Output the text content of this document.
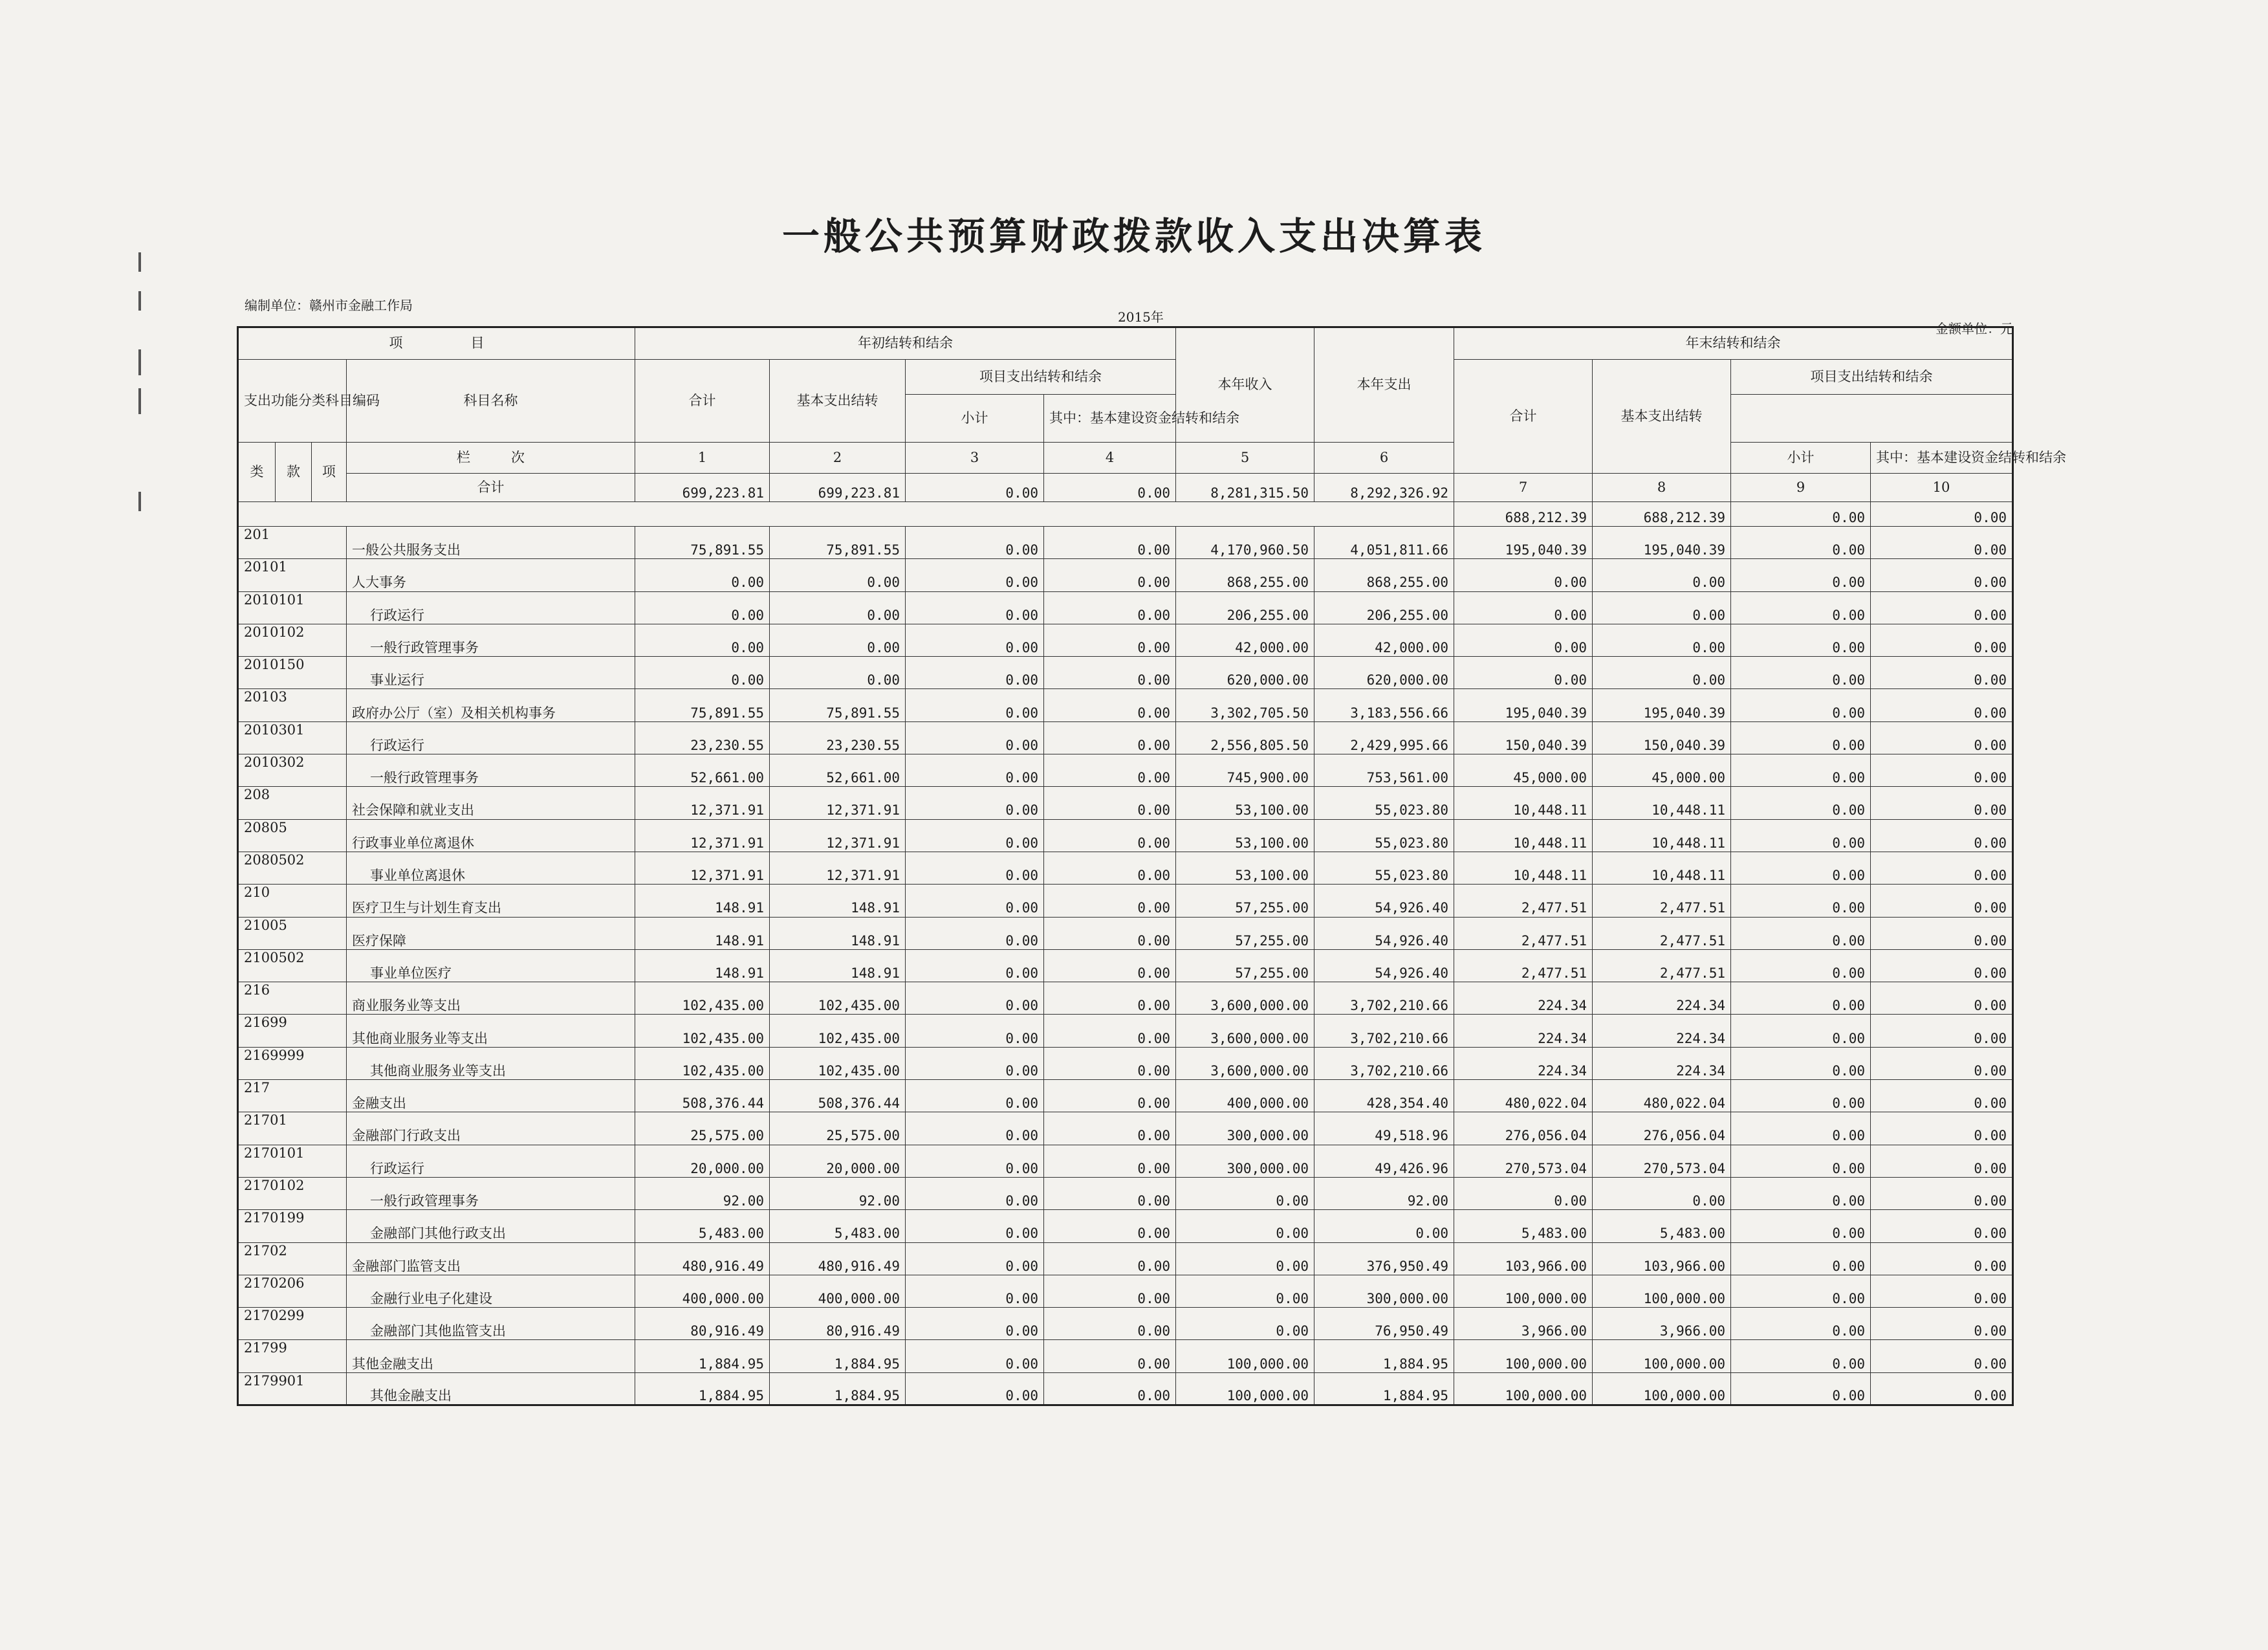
一般公共预算财政拨款收入支出决算表
编制单位：赣州市金融工作局
2015年
金额单位：元
项　　　　　目				年初结转和结余				本年收入	本年支出	年末结转和结余			
支出功能分类科目编码			科目名称	合计	基本支出结转	项目支出结转和结余				合计	基本支出结转	项目支出结转和结余	
						小计	其中：基本建设资金结转和结余						
类	款	项	栏　　　次	1	2	3	4	5	6			小计	其中：基本建设资金结转和结余
			合计	699,223.81	699,223.81	0.00	0.00	8,281,315.50	8,292,326.92	7	8	9	10
										688,212.39	688,212.39	0.00	0.00
201			一般公共服务支出	75,891.55	75,891.55	0.00	0.00	4,170,960.50	4,051,811.66	195,040.39	195,040.39	0.00	0.00
20101			人大事务	0.00	0.00	0.00	0.00	868,255.00	868,255.00	0.00	0.00	0.00	0.00
2010101			行政运行	0.00	0.00	0.00	0.00	206,255.00	206,255.00	0.00	0.00	0.00	0.00
2010102			一般行政管理事务	0.00	0.00	0.00	0.00	42,000.00	42,000.00	0.00	0.00	0.00	0.00
2010150			事业运行	0.00	0.00	0.00	0.00	620,000.00	620,000.00	0.00	0.00	0.00	0.00
20103			政府办公厅（室）及相关机构事务	75,891.55	75,891.55	0.00	0.00	3,302,705.50	3,183,556.66	195,040.39	195,040.39	0.00	0.00
2010301			行政运行	23,230.55	23,230.55	0.00	0.00	2,556,805.50	2,429,995.66	150,040.39	150,040.39	0.00	0.00
2010302			一般行政管理事务	52,661.00	52,661.00	0.00	0.00	745,900.00	753,561.00	45,000.00	45,000.00	0.00	0.00
208			社会保障和就业支出	12,371.91	12,371.91	0.00	0.00	53,100.00	55,023.80	10,448.11	10,448.11	0.00	0.00
20805			行政事业单位离退休	12,371.91	12,371.91	0.00	0.00	53,100.00	55,023.80	10,448.11	10,448.11	0.00	0.00
2080502			事业单位离退休	12,371.91	12,371.91	0.00	0.00	53,100.00	55,023.80	10,448.11	10,448.11	0.00	0.00
210			医疗卫生与计划生育支出	148.91	148.91	0.00	0.00	57,255.00	54,926.40	2,477.51	2,477.51	0.00	0.00
21005			医疗保障	148.91	148.91	0.00	0.00	57,255.00	54,926.40	2,477.51	2,477.51	0.00	0.00
2100502			事业单位医疗	148.91	148.91	0.00	0.00	57,255.00	54,926.40	2,477.51	2,477.51	0.00	0.00
216			商业服务业等支出	102,435.00	102,435.00	0.00	0.00	3,600,000.00	3,702,210.66	224.34	224.34	0.00	0.00
21699			其他商业服务业等支出	102,435.00	102,435.00	0.00	0.00	3,600,000.00	3,702,210.66	224.34	224.34	0.00	0.00
2169999			其他商业服务业等支出	102,435.00	102,435.00	0.00	0.00	3,600,000.00	3,702,210.66	224.34	224.34	0.00	0.00
217			金融支出	508,376.44	508,376.44	0.00	0.00	400,000.00	428,354.40	480,022.04	480,022.04	0.00	0.00
21701			金融部门行政支出	25,575.00	25,575.00	0.00	0.00	300,000.00	49,518.96	276,056.04	276,056.04	0.00	0.00
2170101			行政运行	20,000.00	20,000.00	0.00	0.00	300,000.00	49,426.96	270,573.04	270,573.04	0.00	0.00
2170102			一般行政管理事务	92.00	92.00	0.00	0.00	0.00	92.00	0.00	0.00	0.00	0.00
2170199			金融部门其他行政支出	5,483.00	5,483.00	0.00	0.00	0.00	0.00	5,483.00	5,483.00	0.00	0.00
21702			金融部门监管支出	480,916.49	480,916.49	0.00	0.00	0.00	376,950.49	103,966.00	103,966.00	0.00	0.00
2170206			金融行业电子化建设	400,000.00	400,000.00	0.00	0.00	0.00	300,000.00	100,000.00	100,000.00	0.00	0.00
2170299			金融部门其他监管支出	80,916.49	80,916.49	0.00	0.00	0.00	76,950.49	3,966.00	3,966.00	0.00	0.00
21799			其他金融支出	1,884.95	1,884.95	0.00	0.00	100,000.00	1,884.95	100,000.00	100,000.00	0.00	0.00
2179901			其他金融支出	1,884.95	1,884.95	0.00	0.00	100,000.00	1,884.95	100,000.00	100,000.00	0.00	0.00
